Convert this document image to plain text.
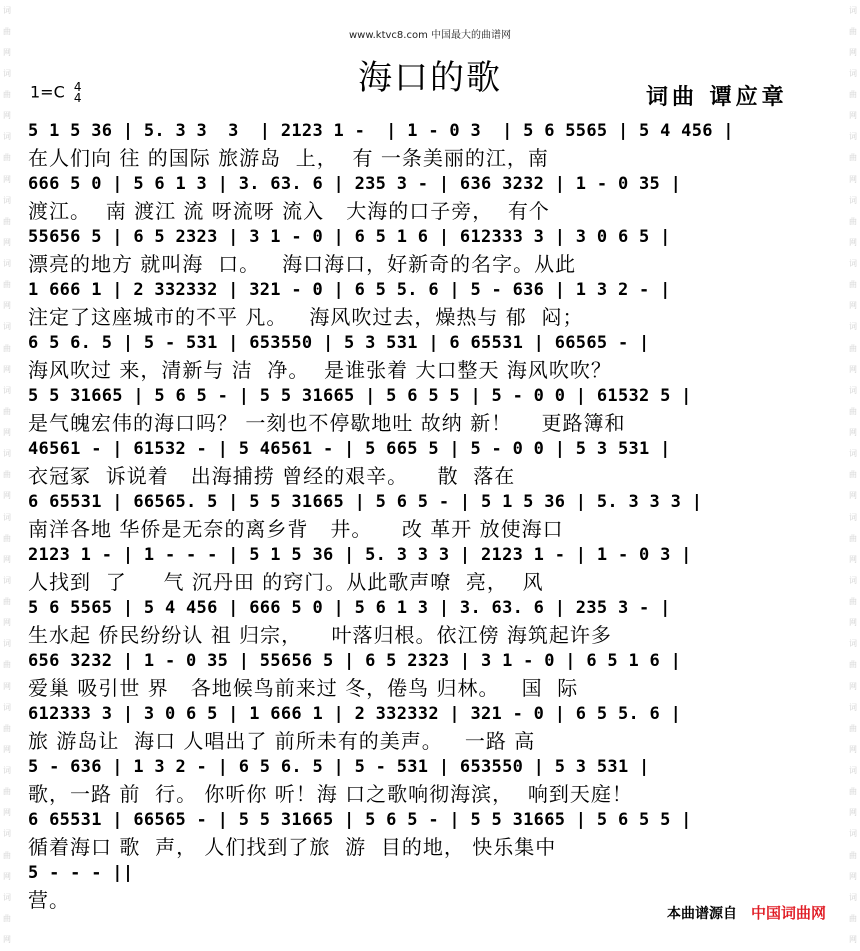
词
曲
网
词
曲
网
词
曲
网
词
曲
网
词
曲
网
词
曲
网
词
曲
网
词
曲
网
词
曲
网
词
曲
网
词
曲
网
词
曲
网
词
曲
网
词
曲
网
词
曲
网
词
曲
网
词
曲
网
词
曲
网
词
曲
网
词
曲
网
词
曲
网
词
曲
网
词
曲
网
词
曲
网
词
曲
网
词
曲
网
词
曲
网
词
曲
网
词
曲
网
词
曲
网
www.ktvc8.com 中国最大的曲谱网
海口的歌
1=C 4
4	词曲 谭应章
5 1 5 36 | 5. 3 3  3  | 2123 1 -  | 1 - 0 3  | 5 6 5565 | 5 4 456 |
在人们向 往 的国际 旅游岛  上，  有 一条美丽的江，南
666 5 0 | 5 6 1 3 | 3. 63. 6 | 235 3 - | 636 3232 | 1 - 0 35 |
渡江。  南 渡江 流 呀流呀 流入   大海的口子旁，  有个
55656 5 | 6 5 2323 | 3 1 - 0 | 6 5 1 6 | 612333 3 | 3 0 6 5 |
漂亮的地方 就叫海  口。   海口海口，好新奇的名字。从此
1 666 1 | 2 332332 | 321 - 0 | 6 5 5. 6 | 5 - 636 | 1 3 2 - |
注定了这座城市的不平 凡。   海风吹过去，燥热与 郁  闷；
6 5 6. 5 | 5 - 531 | 653550 | 5 3 531 | 6 65531 | 66565 - |
海风吹过 来，清新与 洁  净。  是谁张着 大口整天 海风吹吹？
5 5 31665 | 5 6 5 - | 5 5 31665 | 5 6 5 5 | 5 - 0 0 | 61532 5 |
是气魄宏伟的海口吗？ 一刻也不停歇地吐 故纳 新！    更路簿和
46561 - | 61532 - | 5 46561 - | 5 665 5 | 5 - 0 0 | 5 3 531 |
衣冠冢  诉说着   出海捕捞 曾经的艰辛。    散  落在
6 65531 | 66565. 5 | 5 5 31665 | 5 6 5 - | 5 1 5 36 | 5. 3 3 3 |
南洋各地 华侨是无奈的离乡背   井。    改 革开 放使海口
2123 1 - | 1 - - - | 5 1 5 36 | 5. 3 3 3 | 2123 1 - | 1 - 0 3 |
人找到  了     气 沉丹田 的窍门。从此歌声嘹  亮，  风
5 6 5565 | 5 4 456 | 666 5 0 | 5 6 1 3 | 3. 63. 6 | 235 3 - |
生水起 侨民纷纷认 祖 归宗，    叶落归根。依江傍 海筑起许多
656 3232 | 1 - 0 35 | 55656 5 | 6 5 2323 | 3 1 - 0 | 6 5 1 6 |
爱巢 吸引世 界   各地候鸟前来过 冬，倦鸟 归林。   国  际
612333 3 | 3 0 6 5 | 1 666 1 | 2 332332 | 321 - 0 | 6 5 5. 6 |
旅 游岛让  海口 人唱出了 前所未有的美声。   一路 高
5 - 636 | 1 3 2 - | 6 5 6. 5 | 5 - 531 | 653550 | 5 3 531 |
歌，一路 前  行。 你听你 听！海 口之歌响彻海滨，  响到天庭！
6 65531 | 66565 - | 5 5 31665 | 5 6 5 - | 5 5 31665 | 5 6 5 5 |
循着海口 歌  声， 人们找到了旅  游  目的地， 快乐集中
5 - - - ||
营。
本曲谱源自 中国词曲网
